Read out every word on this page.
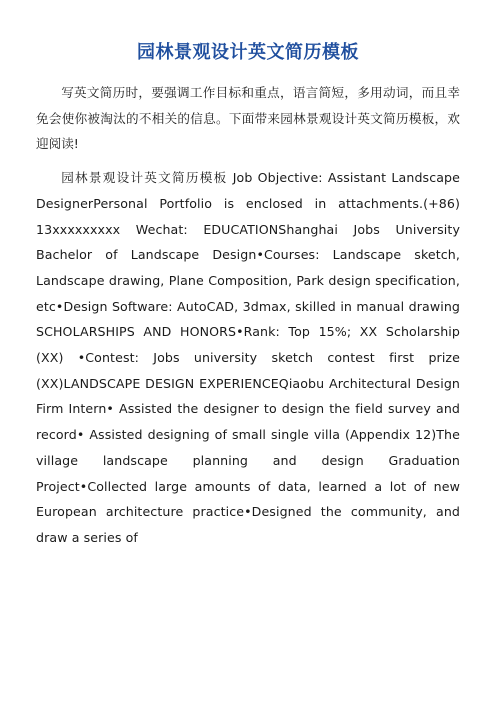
园林景观设计英文简历模板

写英文简历时，要强调工作目标和重点，语言简短，多用动词，而且幸免会使你被淘汰的不相关的信息。下面带来园林景观设计英文简历模板，欢迎阅读!

园林景观设计英文简历模板 Job Objective: Assistant Landscape DesignerPersonal Portfolio is enclosed in attachments.(+86) 13xxxxxxxxx Wechat: EDUCATIONShanghai Jobs University Bachelor of Landscape Design•Courses: Landscape sketch, Landscape drawing, Plane Composition, Park design specification, etc•Design Software: AutoCAD, 3dmax, skilled in manual drawing SCHOLARSHIPS AND HONORS•Rank: Top 15%; XX Scholarship (XX) •Contest: Jobs university sketch contest first prize (XX)LANDSCAPE DESIGN EXPERIENCEQiaobu Architectural Design Firm Intern• Assisted the designer to design the field survey and record• Assisted designing of small single villa (Appendix 12)The village landscape planning and design Graduation Project•Collected large amounts of data, learned a lot of new European architecture practice•Designed the community, and draw a series of
